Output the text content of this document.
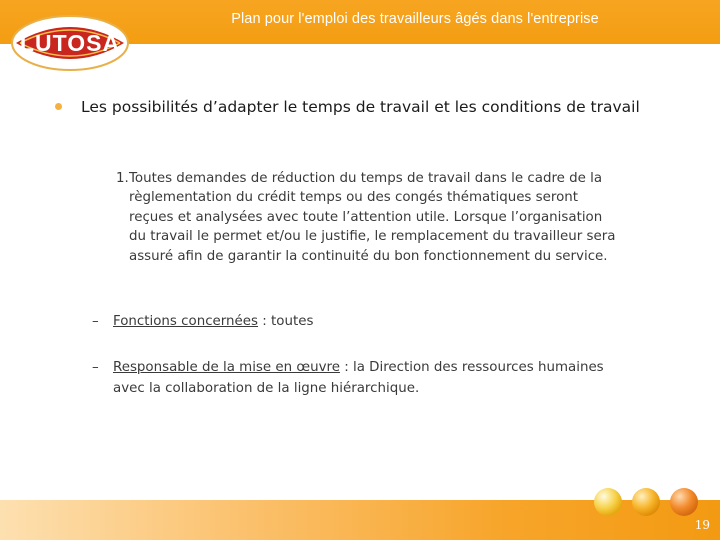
Plan pour l'emploi des travailleurs âgés dans l'entreprise
LUTOSA
Les possibilités d’adapter le temps de travail et les conditions de travail
1. Toutes demandes de réduction du temps de travail dans le cadre de la règlementation du crédit temps ou des congés thématiques seront reçues et analysées avec toute l’attention utile. Lorsque l’organisation du travail le permet et/ou le justifie, le remplacement du travailleur sera assuré afin de garantir la continuité du bon fonctionnement du service.
–	Fonctions concernées : toutes
–	Responsable de la mise en œuvre : la Direction des ressources humaines avec la collaboration de la ligne hiérarchique.
19
